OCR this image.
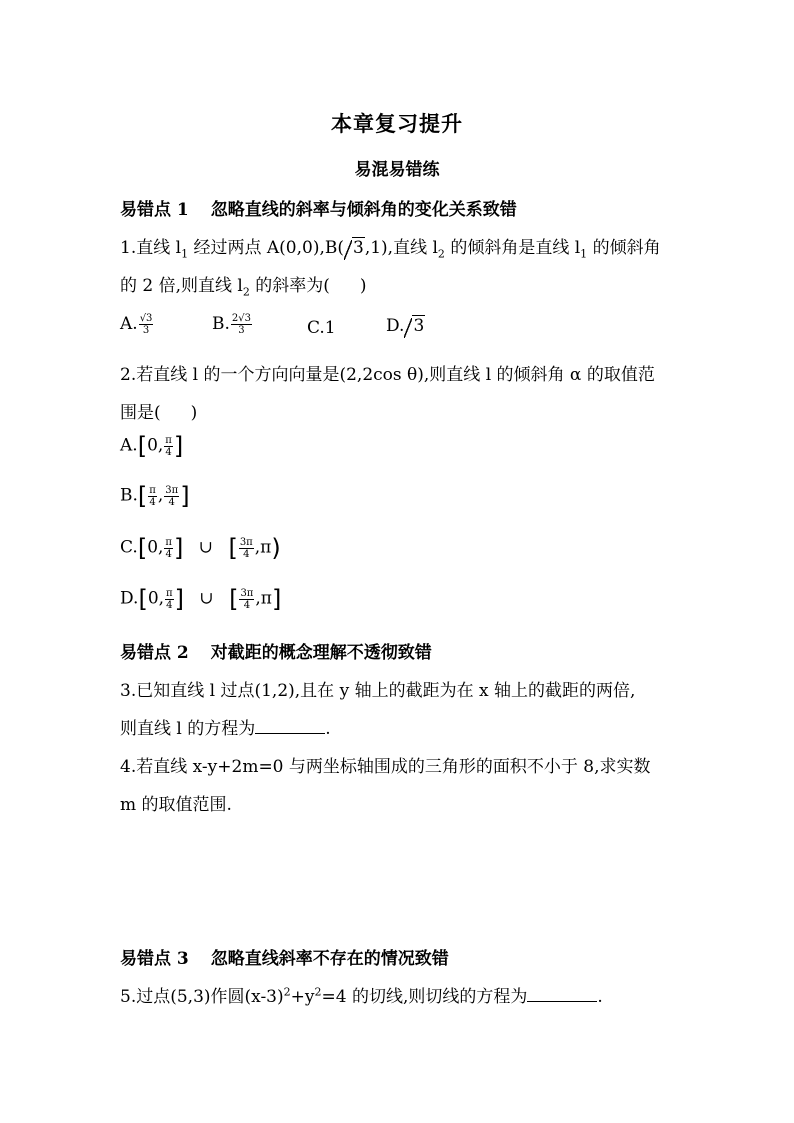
本章复习提升
易混易错练
易错点 1 忽略直线的斜率与倾斜角的变化关系致错
1.直线 $l_1$ 经过两点 A(0,0),B( 3,1),直线 $l_2$ 的倾斜角是直线 $l_1$ 的倾斜角
的 2 倍,则直线 $l_2$ 的斜率为( )
A. $\frac{√3}{3}$	B. $\frac{2√3}{3}$	C.1	D. 3
2.若直线 l 的一个方向向量是(2,2cos θ),则直线 l 的倾斜角 α 的取值范
围是( )
A.[0, $\frac{\pi}{4}$ ]
$B.[ \frac{\pi}{4}$ , $\frac{3\pi}{4}$ ]
C.[0, $\frac{\pi}{4}$ ] ∪ [ $\frac{3\pi}{4} ,\pi$)
D.[0, $\frac{\pi}{4}$ ] ∪ [ $\frac{3\pi}{4} ,\pi$]
易错点 2 对截距的概念理解不透彻致错
3.已知直线 l 过点(1,2),且在 y 轴上的截距为在 x 轴上的截距的两倍,
则直线 l 的方程为	.
4.若直线 x-y+2m=0 与两坐标轴围成的三角形的面积不小于 8,求实数
m 的取值范围.
易错点 3 忽略直线斜率不存在的情况致错
5.过点(5,3)作圆$(x-3)^2+y^2=4$ 的切线,则切线的方程为	.
